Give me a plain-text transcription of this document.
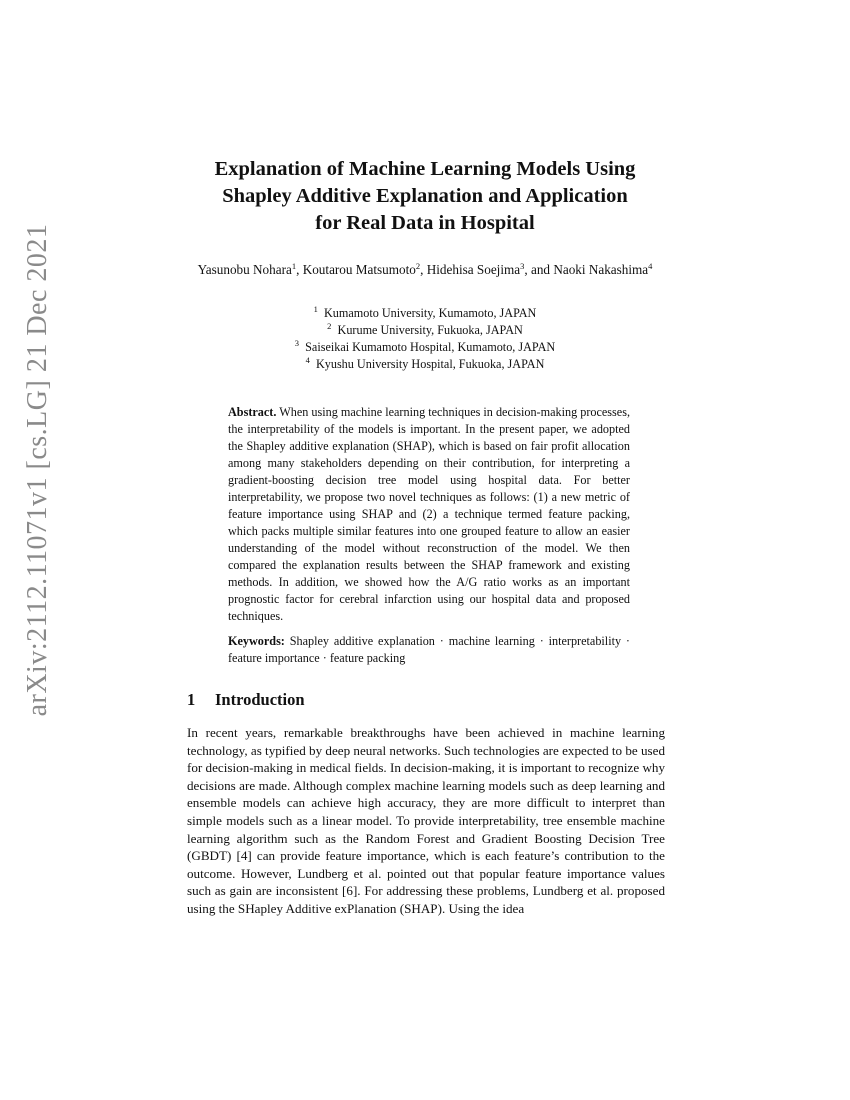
arXiv:2112.11071v1 [cs.LG] 21 Dec 2021
Explanation of Machine Learning Models Using
Shapley Additive Explanation and Application
for Real Data in Hospital
Yasunobu Nohara$^1$, Koutarou Matsumoto$^2$, Hidehisa Soejima$^3$, and Naoki Nakashima$^4$
$^1$ Kumamoto University, Kumamoto, JAPAN
$^2$ Kurume University, Fukuoka, JAPAN
$^3$ Saiseikai Kumamoto Hospital, Kumamoto, JAPAN
$^4$ Kyushu University Hospital, Fukuoka, JAPAN

Abstract. When using machine learning techniques in decision-making processes, the interpretability of the models is important. In the present paper, we adopted the Shapley additive explanation (SHAP), which is based on fair profit allocation among many stakeholders depending on their contribution, for interpreting a gradient-boosting decision tree model using hospital data. For better interpretability, we propose two novel techniques as follows: (1) a new metric of feature importance using SHAP and (2) a technique termed feature packing, which packs multiple similar features into one grouped feature to allow an easier understanding of the model without reconstruction of the model. We then compared the explanation results between the SHAP framework and existing methods. In addition, we showed how the A/G ratio works as an important prognostic factor for cerebral infarction using our hospital data and proposed techniques.

Keywords: Shapley additive explanation · machine learning · interpretability · feature importance · feature packing

1 Introduction

In recent years, remarkable breakthroughs have been achieved in machine learning technology, as typified by deep neural networks. Such technologies are expected to be used for decision-making in medical fields. In decision-making, it is important to recognize why decisions are made. Although complex machine learning models such as deep learning and ensemble models can achieve high accuracy, they are more difficult to interpret than simple models such as a linear model. To provide interpretability, tree ensemble machine learning algorithm such as the Random Forest and Gradient Boosting Decision Tree (GBDT) [4] can provide feature importance, which is each feature’s contribution to the outcome. However, Lundberg et al. pointed out that popular feature importance values such as gain are inconsistent [6]. For addressing these problems, Lundberg et al. proposed using the SHapley Additive exPlanation (SHAP). Using the idea
